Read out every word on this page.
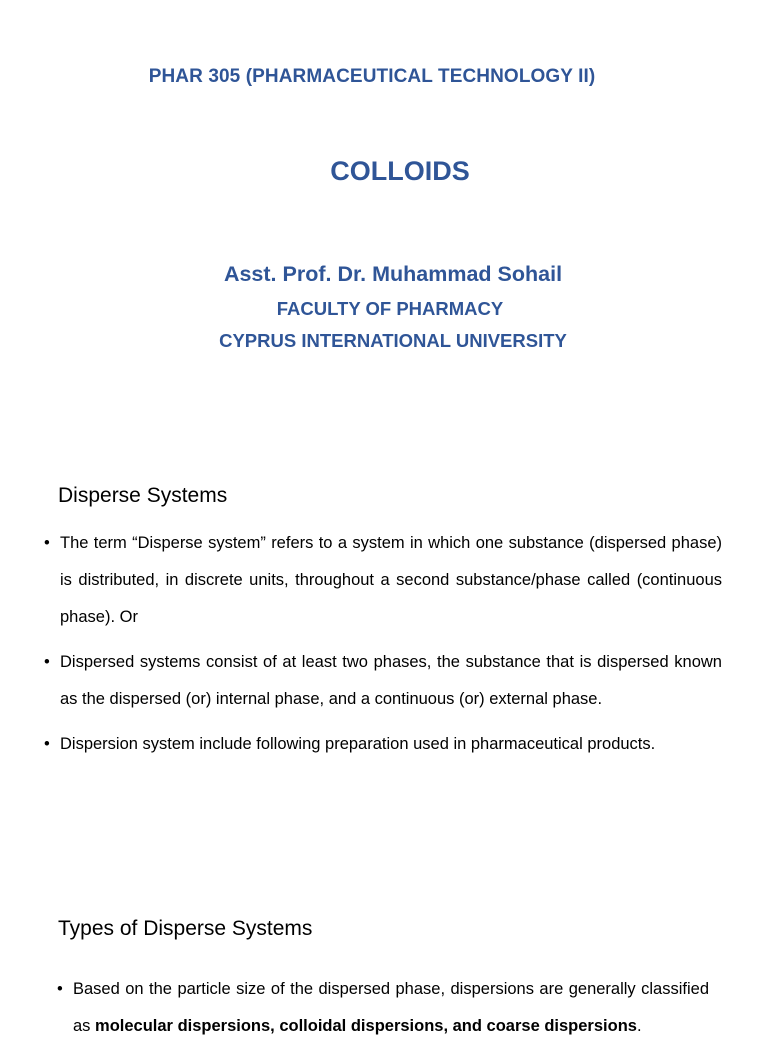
PHAR 305 (PHARMACEUTICAL TECHNOLOGY II)
COLLOIDS
Asst. Prof. Dr. Muhammad Sohail
FACULTY OF PHARMACY
CYPRUS INTERNATIONAL UNIVERSITY
Disperse Systems
• The term “Disperse system” refers to a system in which one substance (dispersed phase) is distributed, in discrete units, throughout a second substance/phase called (continuous phase). Or
• Dispersed systems consist of at least two phases, the substance that is dispersed known as the dispersed (or) internal phase, and a continuous (or) external phase.
• Dispersion system include following preparation used in pharmaceutical products.
Types of Disperse Systems
• Based on the particle size of the dispersed phase, dispersions are generally classified as molecular dispersions, colloidal dispersions, and coarse dispersions.
